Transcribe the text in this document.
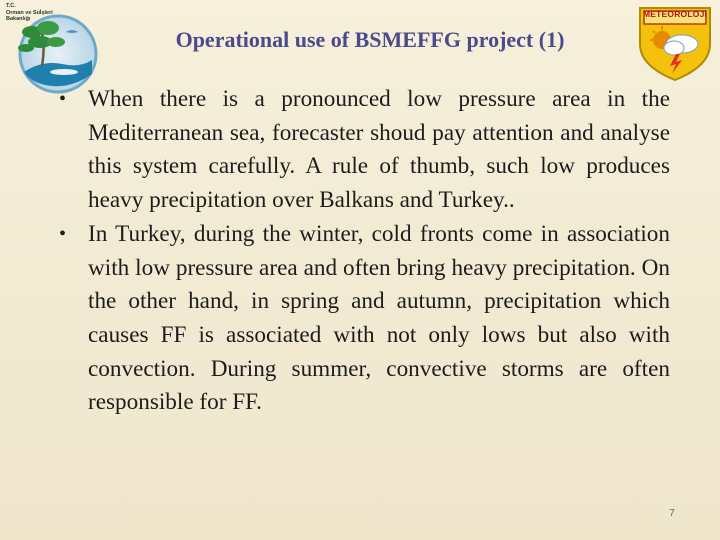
T.C.
Orman ve Suİşleri
Bakanlığı
Operational use of BSMEFFG project (1)
METEOROLOJİ
• When there is a pronounced low pressure area in the Mediterranean sea, forecaster shoud pay attention and analyse this system carefully. A rule of thumb, such low produces heavy precipitation over Balkans and Turkey..
• In Turkey, during the winter, cold fronts come in association with low pressure area and often bring heavy precipitation. On the other hand, in spring and autumn, precipitation which causes FF is associated with not only lows but also with convection. During summer, convective storms are often responsible for FF.
7
